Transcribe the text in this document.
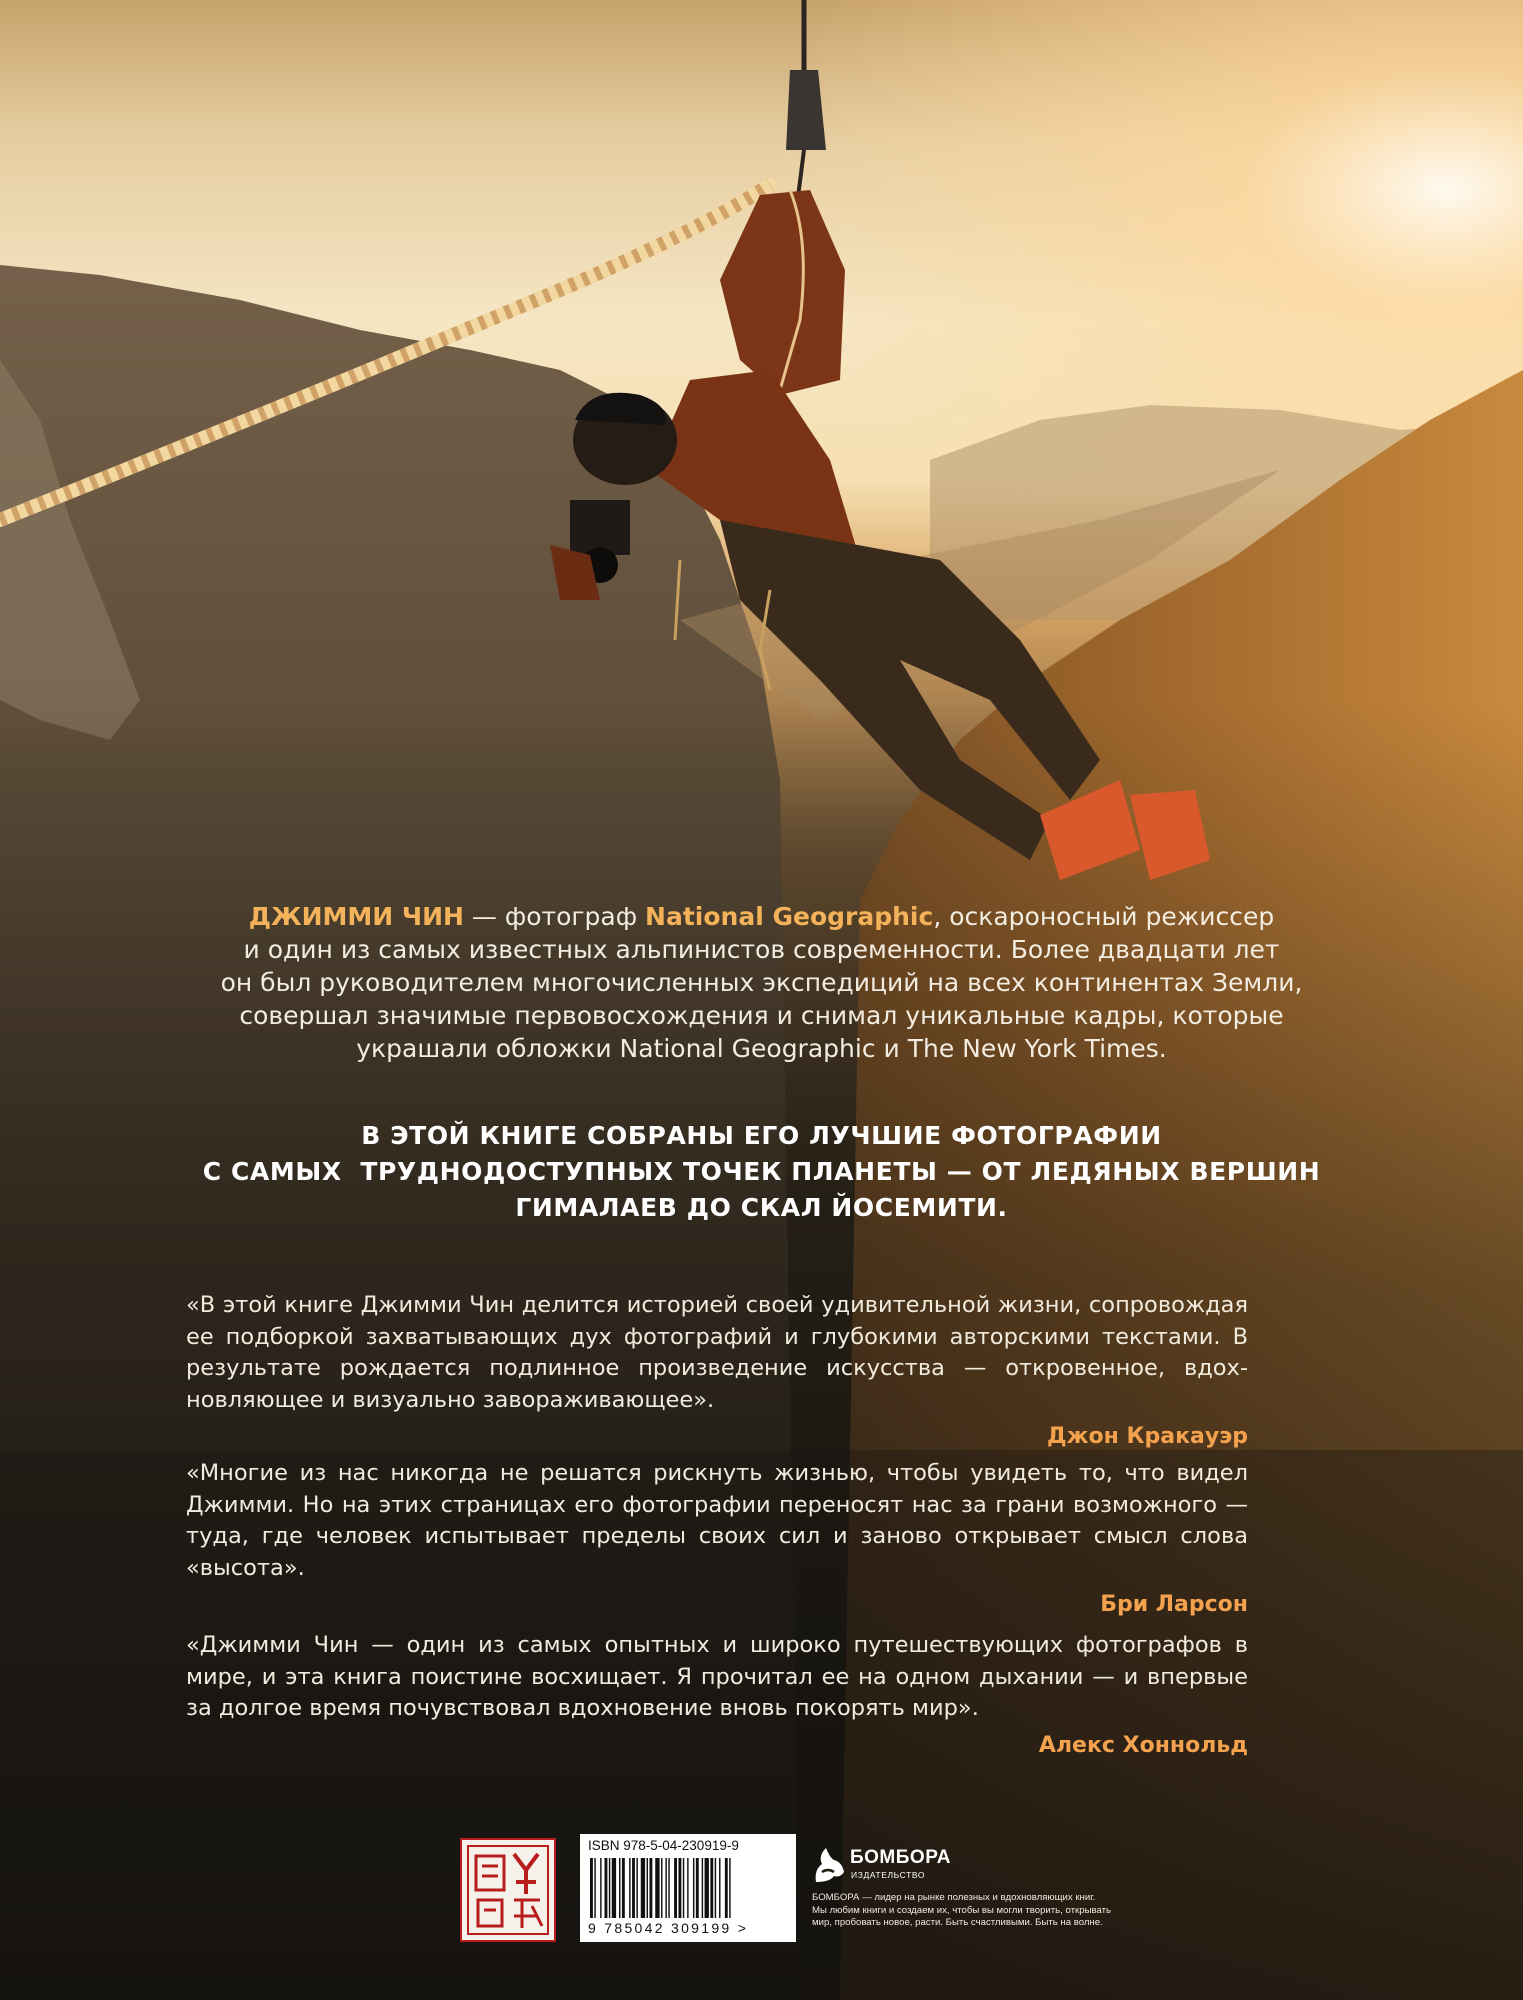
ДЖИММИ ЧИН — фотограф National Geographic, оскароносный режиссер

и один из самых известных альпинистов современности. Более двадцати лет

он был руководителем многочисленных экспедиций на всех континентах Земли,

совершал значимые первовосхождения и снимал уникальные кадры, которые

украшали обложки National Geographic и The New York Times.

В ЭТОЙ КНИГЕ СОБРАНЫ ЕГО ЛУЧШИЕ ФОТОГРАФИИ

С САМЫХ  ТРУДНОДОСТУПНЫХ ТОЧЕК ПЛАНЕТЫ — ОТ ЛЕДЯНЫХ ВЕРШИН

ГИМАЛАЕВ ДО СКАЛ ЙОСЕМИТИ.

«В этой книге Джимми Чин делится историей своей удивительной жизни, сопровождая ее подборкой захватывающих дух фотографий и глубокими авторскими текстами. В результате рождается подлинное произведение искусства — откровенное, вдохновляющее и визуально завораживающее».

Джон Кракауэр

«Многие из нас никогда не решатся рискнуть жизнью, чтобы увидеть то, что видел Джимми. Но на этих страницах его фотографии переносят нас за грани возможного — туда, где человек испытывает пределы своих сил и заново открывает смысл слова «высота».

Бри Ларсон

«Джимми Чин — один из самых опытных и широко путешествующих фотографов в мире, и эта книга поистине восхищает. Я прочитал ее на одном дыхании — и впервые за долгое время почувствовал вдохновение вновь покорять мир».

Алекс Хоннольд

ISBN 978-5-04-230919-9
9 785042 309199 >
БОМБОРА
ИЗДАТЕЛЬСТВО
БОМБОРА — лидер на рынке полезных и вдохновляющих книг. Мы любим книги и создаем их, чтобы вы могли творить, открывать мир, пробовать новое, расти. Быть счастливыми. Быть на волне.
